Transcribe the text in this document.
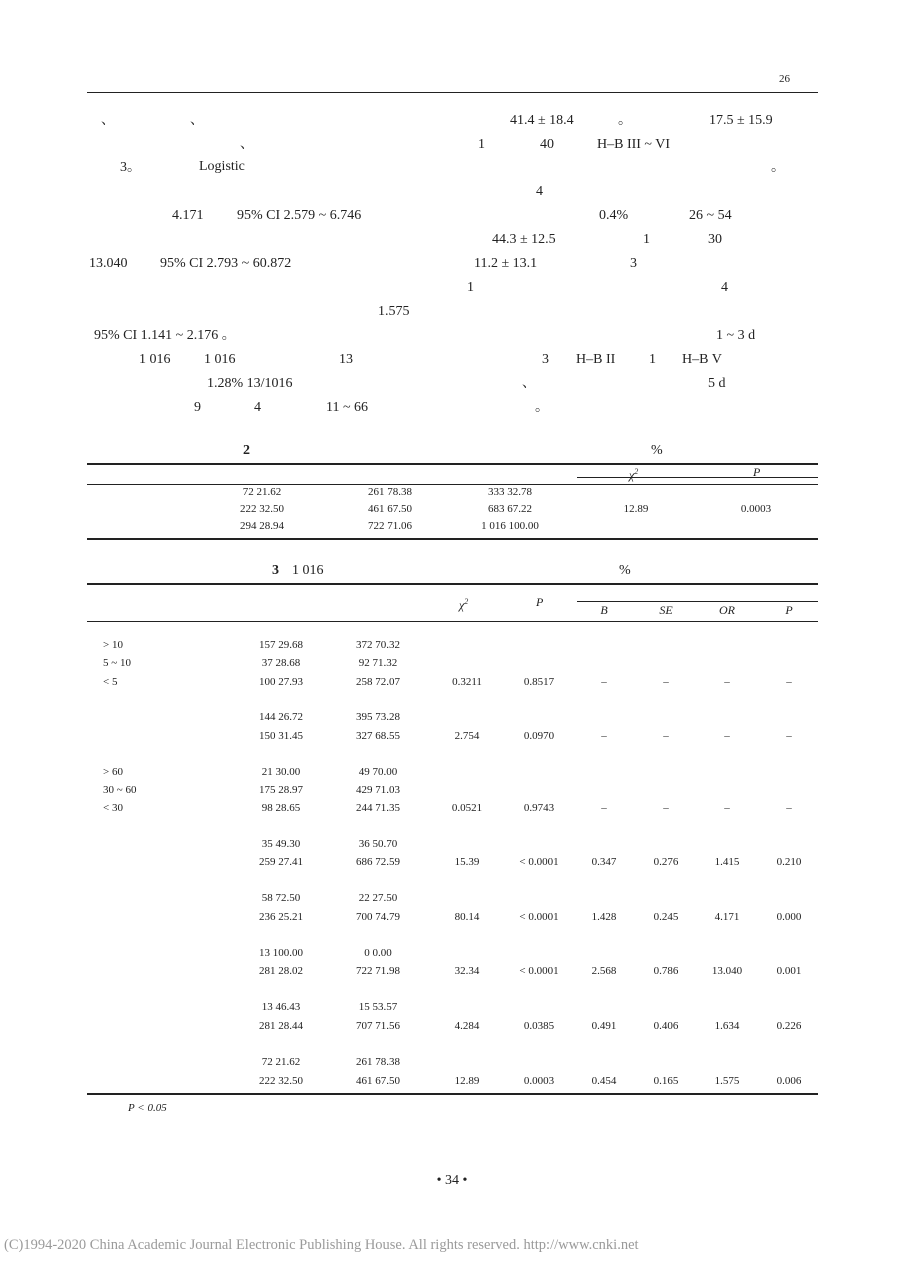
26
、	、
、
3。	Logistic
4.171 95% CI 2.579 ~ 6.746
13.040 95% CI 2.793 ~ 60.872
1.575
95% CI 1.141 ~ 2.176 。
1 016 1 016	13
1.28% 13/1016
9	4	11 ~ 66
41.4 ± 18.4	。	17.5 ± 15.9
1	40	H–B III ~ VI
。
4
0.4%	26 ~ 54
44.3 ± 12.5	1	30
11.2 ± 13.1	3
1	4
1 ~ 3 d
3 H–B II 1 H–B V
、	5 d
。
2	%
$\chi^2$	P
72 21.62	261 78.38	333 32.78
222 32.50	461 67.50	683 67.22	12.89	0.0003
294 28.94	722 71.06	1 016 100.00
3 1 016	%
$\chi^2$	P
B	SE	OR	P
> 10	157 29.68	372 70.32
5 ~ 10	37 28.68	92 71.32
< 5	100 27.93	258 72.07	0.3211	0.8517	–	–	–	–
144 26.72	395 73.28
150 31.45	327 68.55	2.754	0.0970	–	–	–	–
> 60	21 30.00	49 70.00
30 ~ 60	175 28.97	429 71.03
< 30	98 28.65	244 71.35	0.0521	0.9743	–	–	–	–
35 49.30	36 50.70
259 27.41	686 72.59	15.39	< 0.0001	0.347	0.276	1.415	0.210
58 72.50	22 27.50
236 25.21	700 74.79	80.14	< 0.0001	1.428	0.245	4.171	0.000
13 100.00	0 0.00
281 28.02	722 71.98	32.34	< 0.0001	2.568	0.786	13.040	0.001
13 46.43	15 53.57
281 28.44	707 71.56	4.284	0.0385	0.491	0.406	1.634	0.226
72 21.62	261 78.38
222 32.50	461 67.50	12.89	0.0003	0.454	0.165	1.575	0.006
P < 0.05
• 34 •
(C)1994-2020 China Academic Journal Electronic Publishing House. All rights reserved. http://www.cnki.net
